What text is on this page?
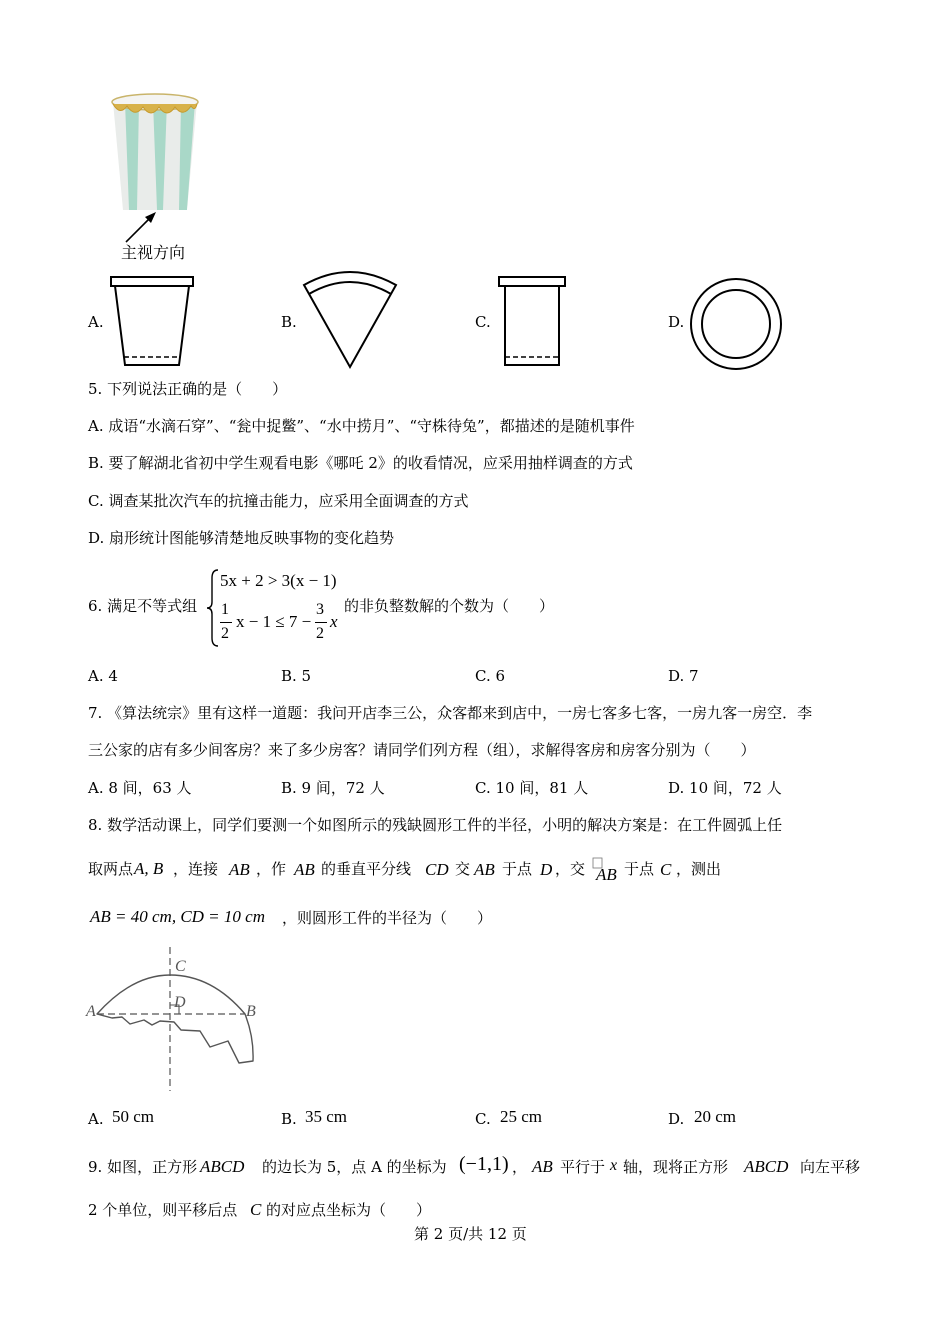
主视方向
A.	B.	C.	D.
5. 下列说法正确的是（　　）
A. 成语“水滴石穿”、“瓮中捉鳖”、“水中捞月”、“守株待兔”，都描述的是随机事件
B. 要了解湖北省初中学生观看电影《哪吒 2》的收看情况，应采用抽样调查的方式
C. 调查某批次汽车的抗撞击能力，应采用全面调查的方式
D. 扇形统计图能够清楚地反映事物的变化趋势
6. 满足不等式组
5x + 2 > 3(x − 1)
1
2
x − 1 ≤ 7 −
3
2
x
的非负整数解的个数为（　　）
A. 4	B. 5	C. 6	D. 7
7. 《算法统宗》里有这样一道题：我问开店李三公，众客都来到店中，一房七客多七客，一房九客一房空．李
三公家的店有多少间客房？来了多少房客？请同学们列方程（组），求解得客房和房客分别为（　　）
A. 8 间，63 人	B. 9 间，72 人	C. 10 间，81 人	D. 10 间，72 人
8. 数学活动课上，同学们要测一个如图所示的残缺圆形工件的半径，小明的解决方案是：在工件圆弧上任
取两点 A, B ，连接 AB ，作 AB 的垂直平分线 CD 交 AB 于点 D ，交 AB 于点 C ，测出
AB = 40 cm, CD = 10 cm ，则圆形工件的半径为（　　）
C
D
A	B
A. 50 cm	B. 35 cm	C. 25 cm	D. 20 cm
9. 如图，正方形 ABCD 的边长为 5，点 A 的坐标为 (−1,1) ， AB 平行于 x 轴，现将正方形 ABCD 向左平移
2 个单位，则平移后点 C 的对应点坐标为（　　）
第 2 页/共 12 页
